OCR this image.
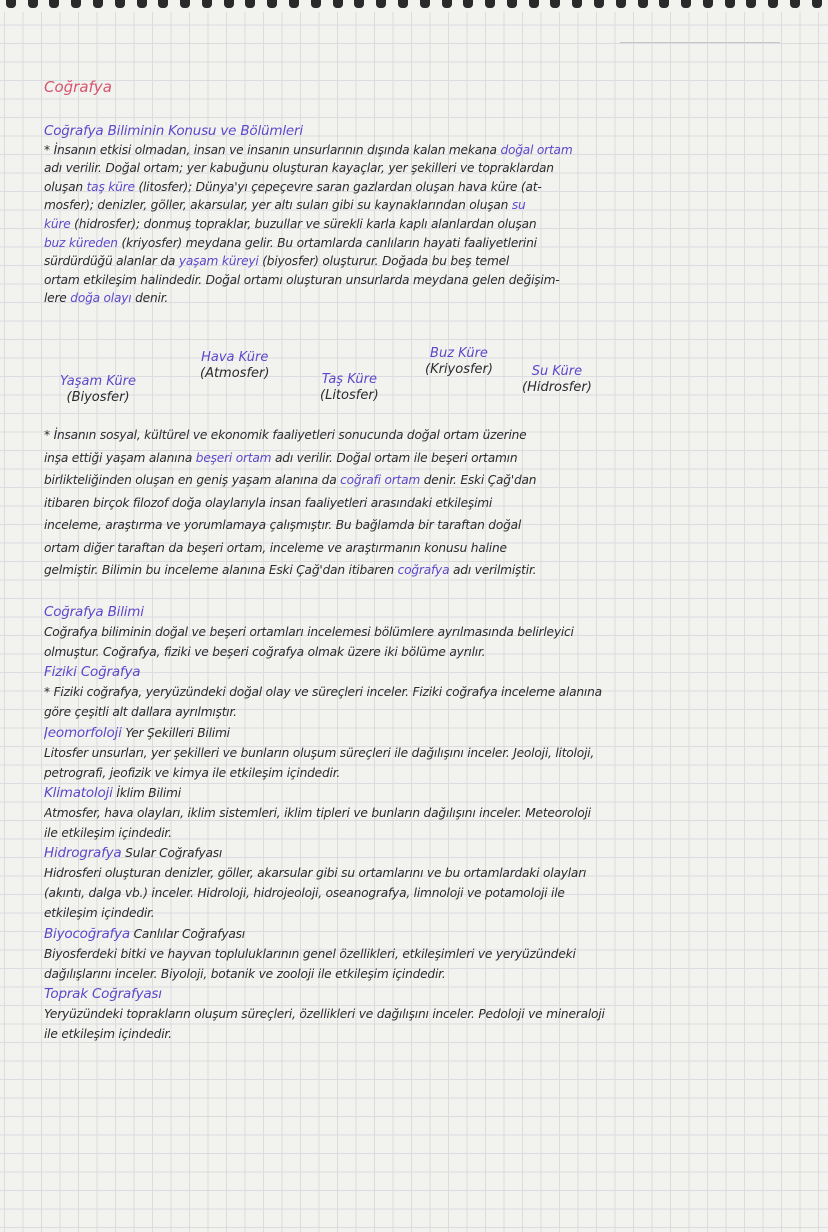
Coğrafya
Coğrafya Biliminin Konusu ve Bölümleri
* İnsanın etkisi olmadan, insan ve insanın unsurlarının dışında kalan mekana doğal ortam
adı verilir. Doğal ortam; yer kabuğunu oluşturan kayaçlar, yer şekilleri ve topraklardan
oluşan taş küre (litosfer); Dünya'yı çepeçevre saran gazlardan oluşan hava küre (at-
mosfer); denizler, göller, akarsular, yer altı suları gibi su kaynaklarından oluşan su
küre (hidrosfer); donmuş topraklar, buzullar ve sürekli karla kaplı alanlardan oluşan
buz küreden (kriyosfer) meydana gelir. Bu ortamlarda canlıların hayati faaliyetlerini
sürdürdüğü alanlar da yaşam küreyi (biyosfer) oluşturur. Doğada bu beş temel
ortam etkileşim halindedir. Doğal ortamı oluşturan unsurlarda meydana gelen değişim-
lere doğa olayı denir.
Yaşam Küre
(Biyosfer)
Hava Küre
(Atmosfer)	Taş Küre
(Litosfer)
Buz Küre
(Kriyosfer)	Su Küre
(Hidrosfer)
* İnsanın sosyal, kültürel ve ekonomik faaliyetleri sonucunda doğal ortam üzerine
inşa ettiği yaşam alanına beşeri ortam adı verilir. Doğal ortam ile beşeri ortamın
birlikteliğinden oluşan en geniş yaşam alanına da coğrafi ortam denir. Eski Çağ'dan
itibaren birçok filozof doğa olaylarıyla insan faaliyetleri arasındaki etkileşimi
inceleme, araştırma ve yorumlamaya çalışmıştır. Bu bağlamda bir taraftan doğal
ortam diğer taraftan da beşeri ortam, inceleme ve araştırmanın konusu haline
gelmiştir. Bilimin bu inceleme alanına Eski Çağ'dan itibaren coğrafya adı verilmiştir.
Coğrafya Bilimi
Coğrafya biliminin doğal ve beşeri ortamları incelemesi bölümlere ayrılmasında belirleyici
olmuştur. Coğrafya, fiziki ve beşeri coğrafya olmak üzere iki bölüme ayrılır.
Fiziki Coğrafya
* Fiziki coğrafya, yeryüzündeki doğal olay ve süreçleri inceler. Fiziki coğrafya inceleme alanına
göre çeşitli alt dallara ayrılmıştır.
Jeomorfoloji Yer Şekilleri Bilimi
Litosfer unsurları, yer şekilleri ve bunların oluşum süreçleri ile dağılışını inceler. Jeoloji, litoloji,
petrografi, jeofizik ve kimya ile etkileşim içindedir.
Klimatoloji İklim Bilimi
Atmosfer, hava olayları, iklim sistemleri, iklim tipleri ve bunların dağılışını inceler. Meteoroloji
ile etkileşim içindedir.
Hidrografya Sular Coğrafyası
Hidrosferi oluşturan denizler, göller, akarsular gibi su ortamlarını ve bu ortamlardaki olayları
(akıntı, dalga vb.) inceler. Hidroloji, hidrojeoloji, oseanografya, limnoloji ve potamoloji ile
etkileşim içindedir.
Biyocoğrafya Canlılar Coğrafyası
Biyosferdeki bitki ve hayvan topluluklarının genel özellikleri, etkileşimleri ve yeryüzündeki
dağılışlarını inceler. Biyoloji, botanik ve zooloji ile etkileşim içindedir.
Toprak Coğrafyası
Yeryüzündeki toprakların oluşum süreçleri, özellikleri ve dağılışını inceler. Pedoloji ve mineraloji
ile etkileşim içindedir.
